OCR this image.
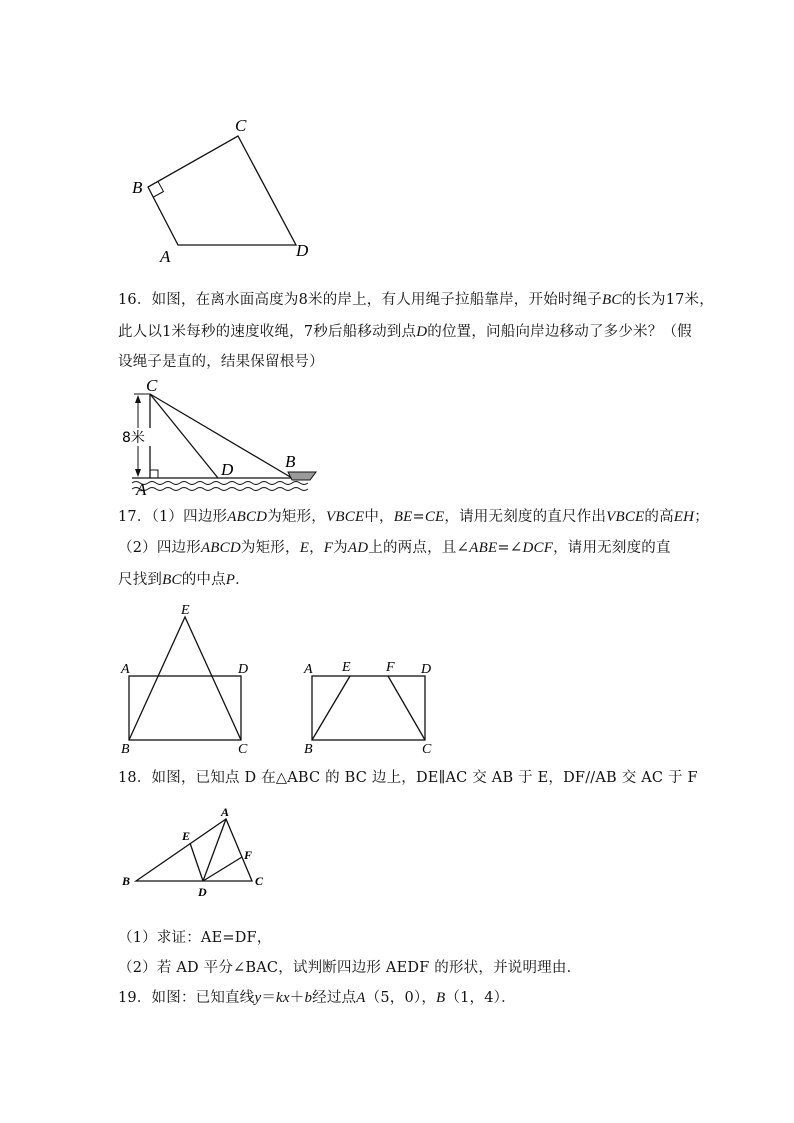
C
B
A	D

16．如图，在离水面高度为8米的岸上，有人用绳子拉船靠岸，开始时绳子BC的长为17米，

此人以1米每秒的速度收绳，7秒后船移动到点D的位置，问船向岸边移动了多少米？（假

设绳子是直的，结果保留根号）

8米
C
D	B
A

17．（1）四边形ABCD为矩形，VBCE中，BE=CE，请用无刻度的直尺作出VBCE的高EH；

（2）四边形ABCD为矩形，E，F为AD上的两点，且∠ABE=∠DCF，请用无刻度的直

尺找到BC的中点P．

E
A	D
B	C
A E	F D
B	C

18．如图，已知点 D 在△ABC 的 BC 边上，DE∥AC 交 AB 于 E，DF//AB 交 AC 于 F

A
E
F
B
D
C

（1）求证：AE=DF，

（2）若 AD 平分∠BAC，试判断四边形 AEDF 的形状，并说明理由．

19．如图：已知直线y＝kx＋b经过点A（5，0），B（1，4）．
